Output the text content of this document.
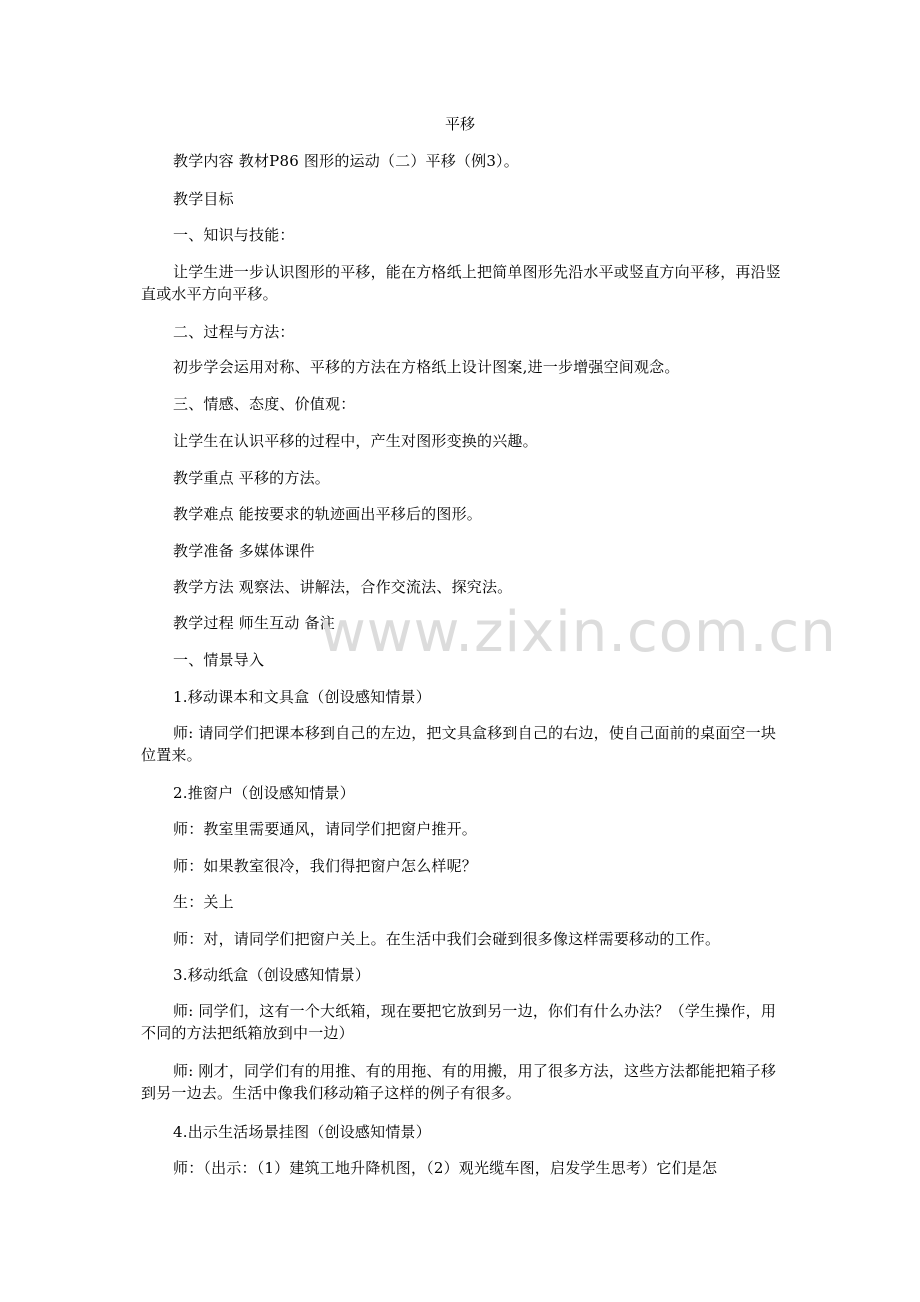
平移

教学内容 教材P86 图形的运动（二）平移（例3）。

教学目标

一、知识与技能：

让学生进一步认识图形的平移，能在方格纸上把简单图形先沿水平或竖直方向平移，再沿竖直或水平方向平移。

二、过程与方法：

初步学会运用对称、平移的方法在方格纸上设计图案,进一步增强空间观念。

三、情感、态度、价值观：

让学生在认识平移的过程中，产生对图形变换的兴趣。

教学重点 平移的方法。

教学难点 能按要求的轨迹画出平移后的图形。

教学准备 多媒体课件

教学方法 观察法、讲解法，合作交流法、探究法。

教学过程 师生互动 备注

一、情景导入

1.移动课本和文具盒（创设感知情景）

师: 请同学们把课本移到自己的左边，把文具盒移到自己的右边，使自己面前的桌面空一块位置来。

2.推窗户（创设感知情景）

师：教室里需要通风，请同学们把窗户推开。

师：如果教室很冷，我们得把窗户怎么样呢？

生：关上

师：对，请同学们把窗户关上。在生活中我们会碰到很多像这样需要移动的工作。

3.移动纸盒（创设感知情景）

师: 同学们，这有一个大纸箱，现在要把它放到另一边，你们有什么办法？（学生操作，用不同的方法把纸箱放到中一边）

师: 刚才，同学们有的用推、有的用拖、有的用搬，用了很多方法，这些方法都能把箱子移到另一边去。生活中像我们移动箱子这样的例子有很多。

4.出示生活场景挂图（创设感知情景）

师：（出示：（1）建筑工地升降机图，（2）观光缆车图，启发学生思考）它们是怎

www.zixin.com.cn
